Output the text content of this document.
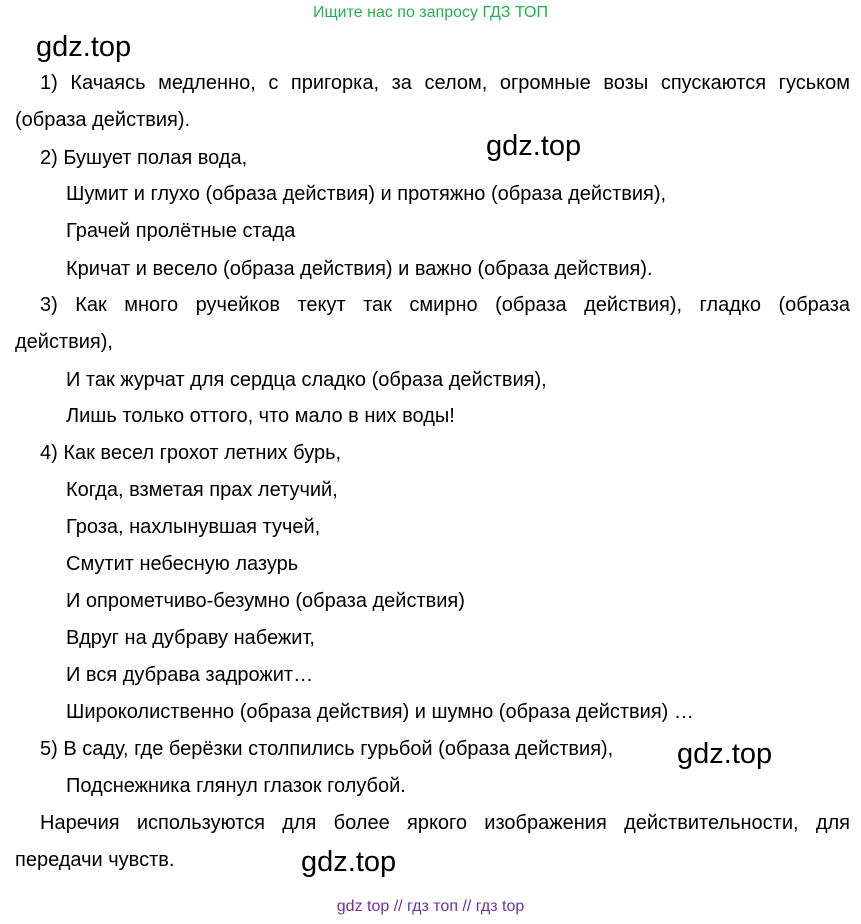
Ищите нас по запросу ГДЗ ТОП
gdz.top
gdz.top
gdz.top
gdz.top
1) Качаясь медленно, с пригорка, за селом, огромные возы спускаются гуськом
(образа действия).
2) Бушует полая вода,
Шумит и глухо (образа действия) и протяжно (образа действия),
Грачей пролётные стада
Кричат и весело (образа действия) и важно (образа действия).
3) Как много ручейков текут так смирно (образа действия), гладко (образа
действия),
И так журчат для сердца сладко (образа действия),
Лишь только оттого, что мало в них воды!
4) Как весел грохот летних бурь,
Когда, взметая прах летучий,
Гроза, нахлынувшая тучей,
Смутит небесную лазурь
И опрометчиво-безумно (образа действия)
Вдруг на дубраву набежит,
И вся дубрава задрожит…
Широколиственно (образа действия) и шумно (образа действия) …
5) В саду, где берёзки столпились гурьбой (образа действия),
Подснежника глянул глазок голубой.
Наречия используются для более яркого изображения действительности, для
передачи чувств.
gdz top // гдз топ // гдз top
